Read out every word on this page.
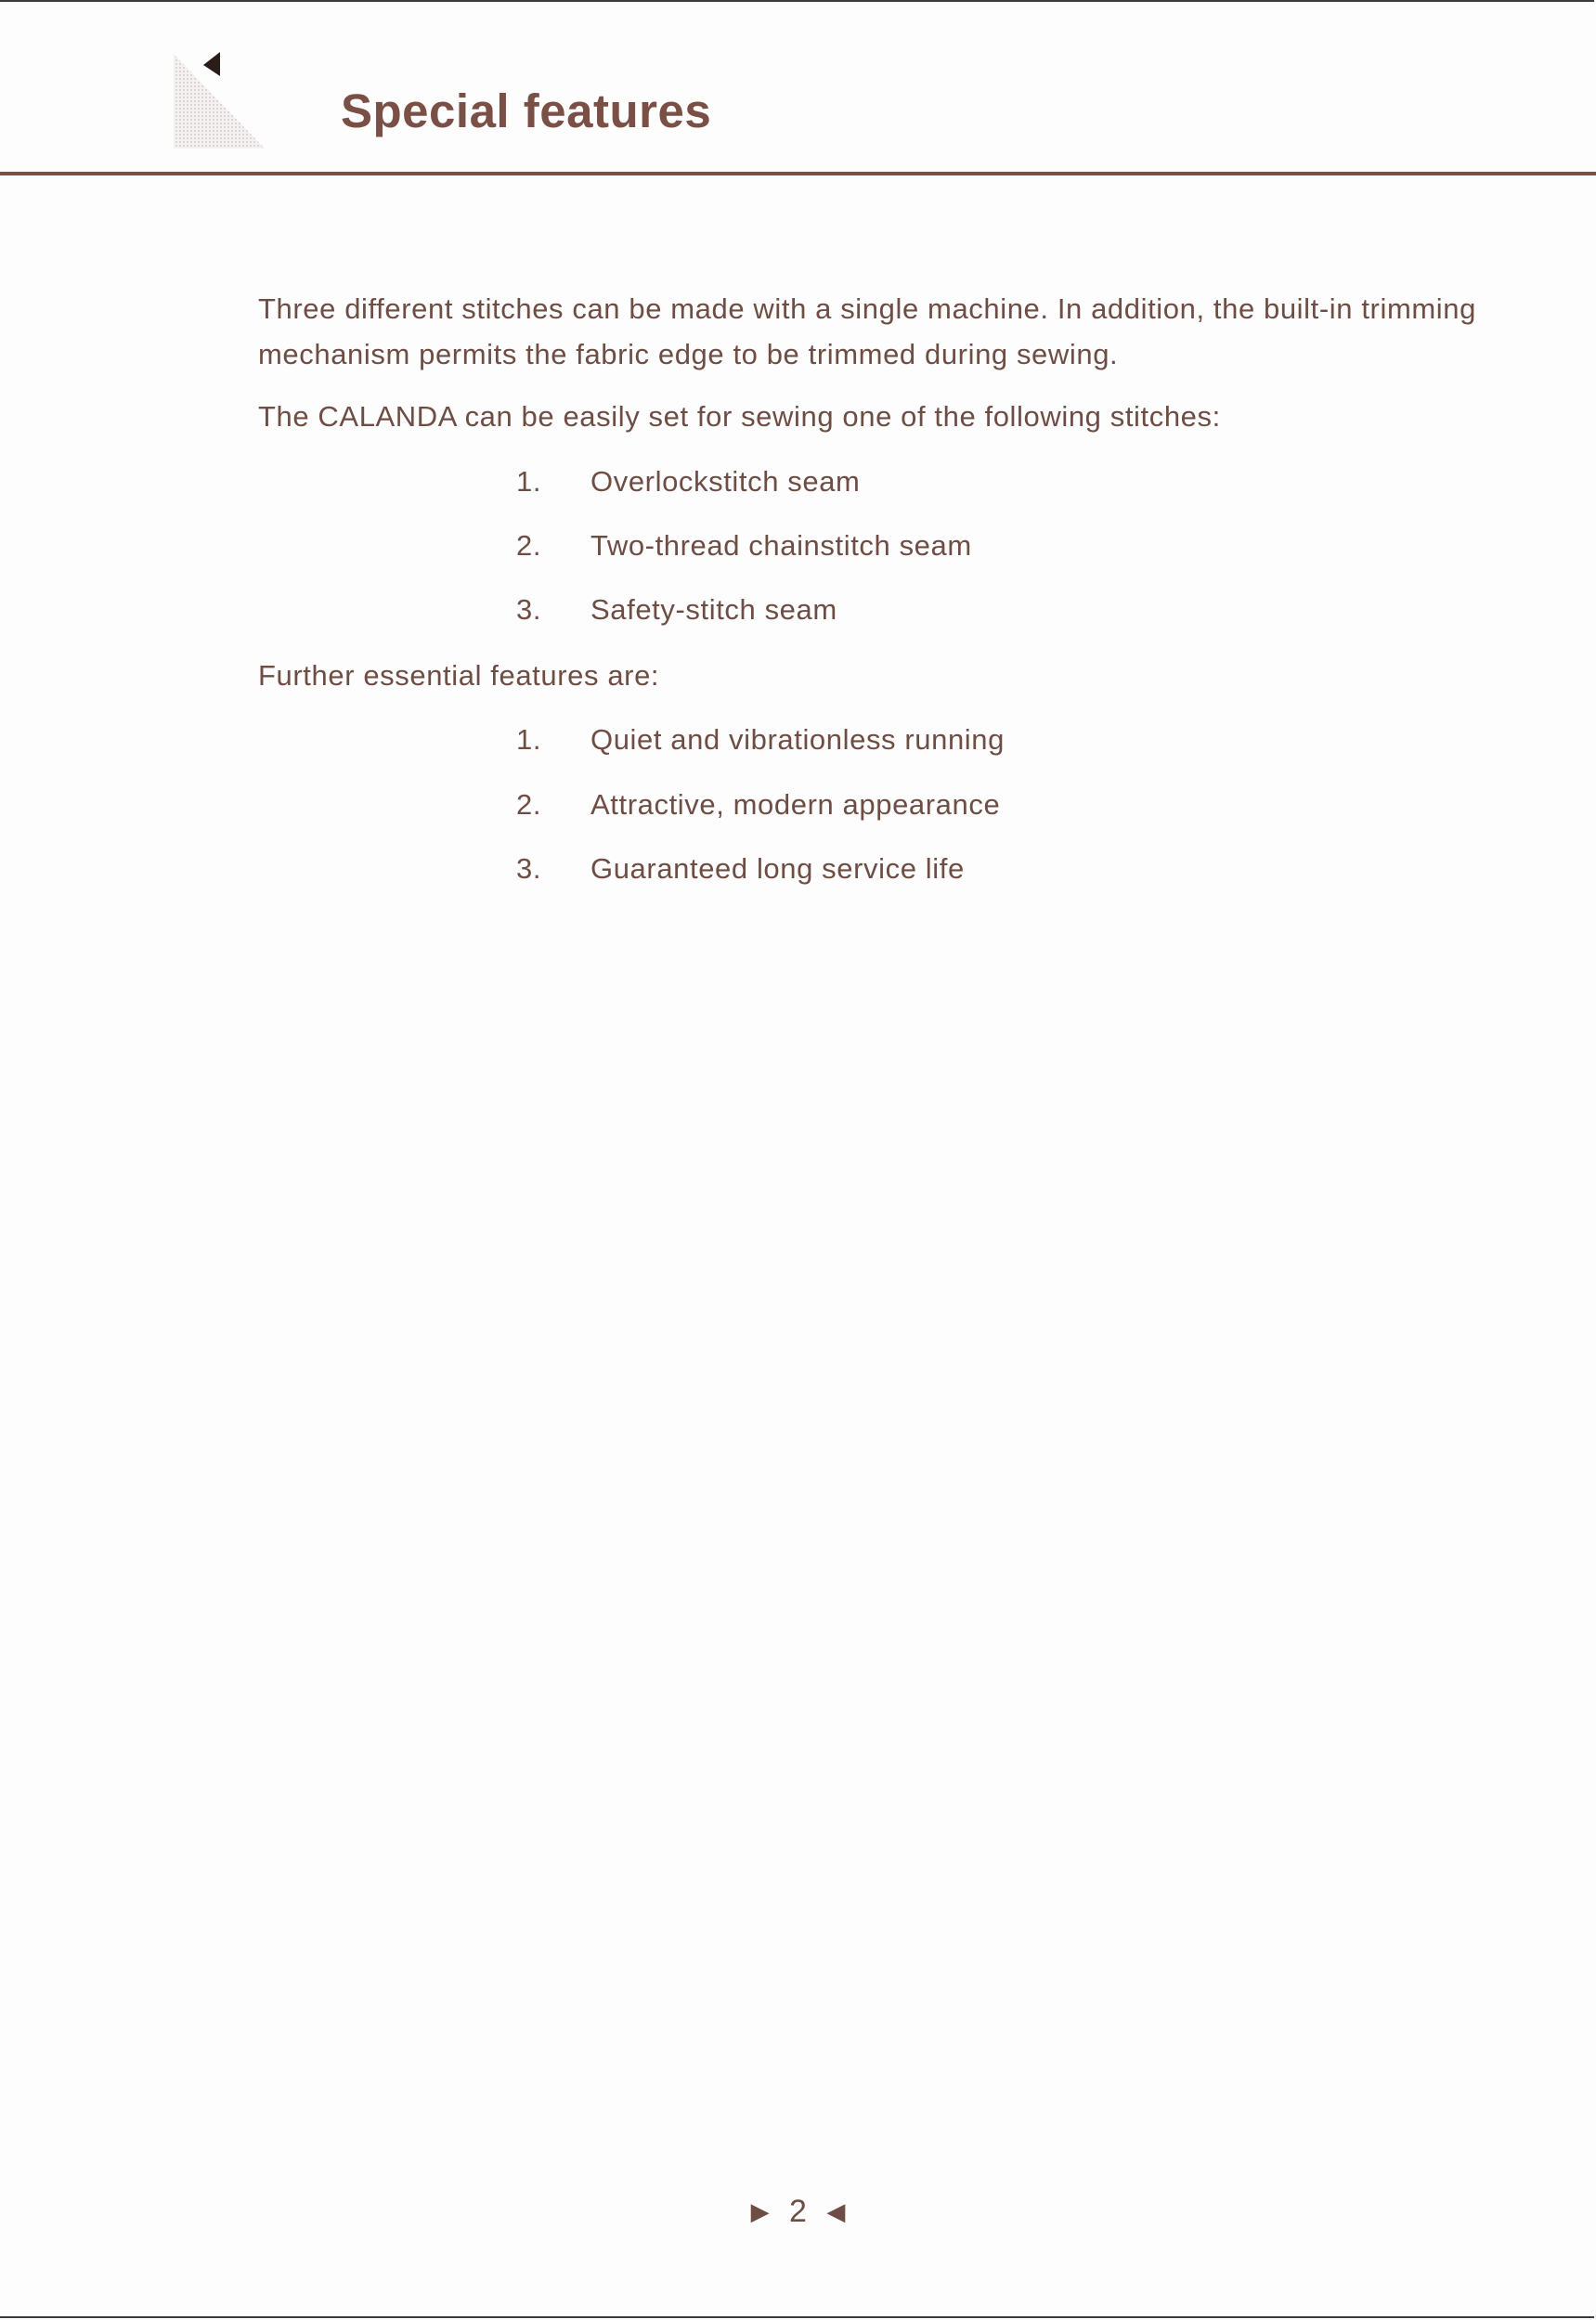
Special features

Three different stitches can be made with a single machine. In addition, the built-in trimming mechanism permits the fabric edge to be trimmed during sewing.

The CALANDA can be easily set for sewing one of the following stitches:

1. Overlockstitch seam
2. Two-thread chainstitch seam
3. Safety-stitch seam

Further essential features are:

1. Quiet and vibrationless running
2. Attractive, modern appearance
3. Guaranteed long service life
▶ 2 ◀
